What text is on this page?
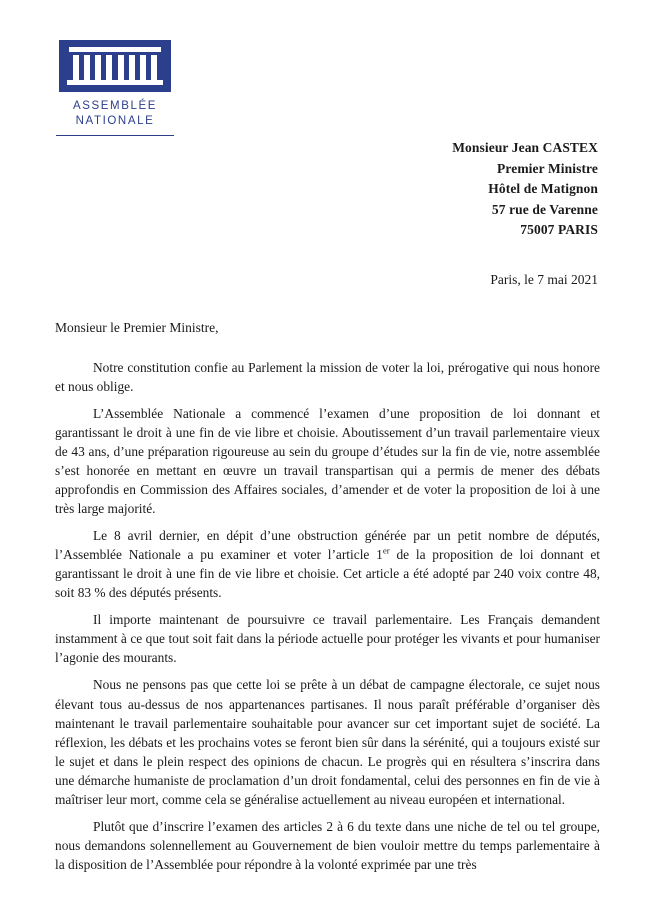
ASSEMBLÉE
NATIONALE
Monsieur Jean CASTEX
Premier Ministre
Hôtel de Matignon
57 rue de Varenne
75007 PARIS
Paris, le 7 mai 2021
Monsieur le Premier Ministre,

Notre constitution confie au Parlement la mission de voter la loi, prérogative qui nous honore et nous oblige.

L’Assemblée Nationale a commencé l’examen d’une proposition de loi donnant et garantissant le droit à une fin de vie libre et choisie. Aboutissement d’un travail parlementaire vieux de 43 ans, d’une préparation rigoureuse au sein du groupe d’études sur la fin de vie, notre assemblée s’est honorée en mettant en œuvre un travail transpartisan qui a permis de mener des débats approfondis en Commission des Affaires sociales, d’amender et de voter la proposition de loi à une très large majorité.

Le 8 avril dernier, en dépit d’une obstruction générée par un petit nombre de députés, l’Assemblée Nationale a pu examiner et voter l’article 1er de la proposition de loi donnant et garantissant le droit à une fin de vie libre et choisie. Cet article a été adopté par 240 voix contre 48, soit 83 % des députés présents.

Il importe maintenant de poursuivre ce travail parlementaire. Les Français demandent instamment à ce que tout soit fait dans la période actuelle pour protéger les vivants et pour humaniser l’agonie des mourants.

Nous ne pensons pas que cette loi se prête à un débat de campagne électorale, ce sujet nous élevant tous au-dessus de nos appartenances partisanes. Il nous paraît préférable d’organiser dès maintenant le travail parlementaire souhaitable pour avancer sur cet important sujet de société. La réflexion, les débats et les prochains votes se feront bien sûr dans la sérénité, qui a toujours existé sur le sujet et dans le plein respect des opinions de chacun. Le progrès qui en résultera s’inscrira dans une démarche humaniste de proclamation d’un droit fondamental, celui des personnes en fin de vie à maîtriser leur mort, comme cela se généralise actuellement au niveau européen et international.

Plutôt que d’inscrire l’examen des articles 2 à 6 du texte dans une niche de tel ou tel groupe, nous demandons solennellement au Gouvernement de bien vouloir mettre du temps parlementaire à la disposition de l’Assemblée pour répondre à la volonté exprimée par une très
